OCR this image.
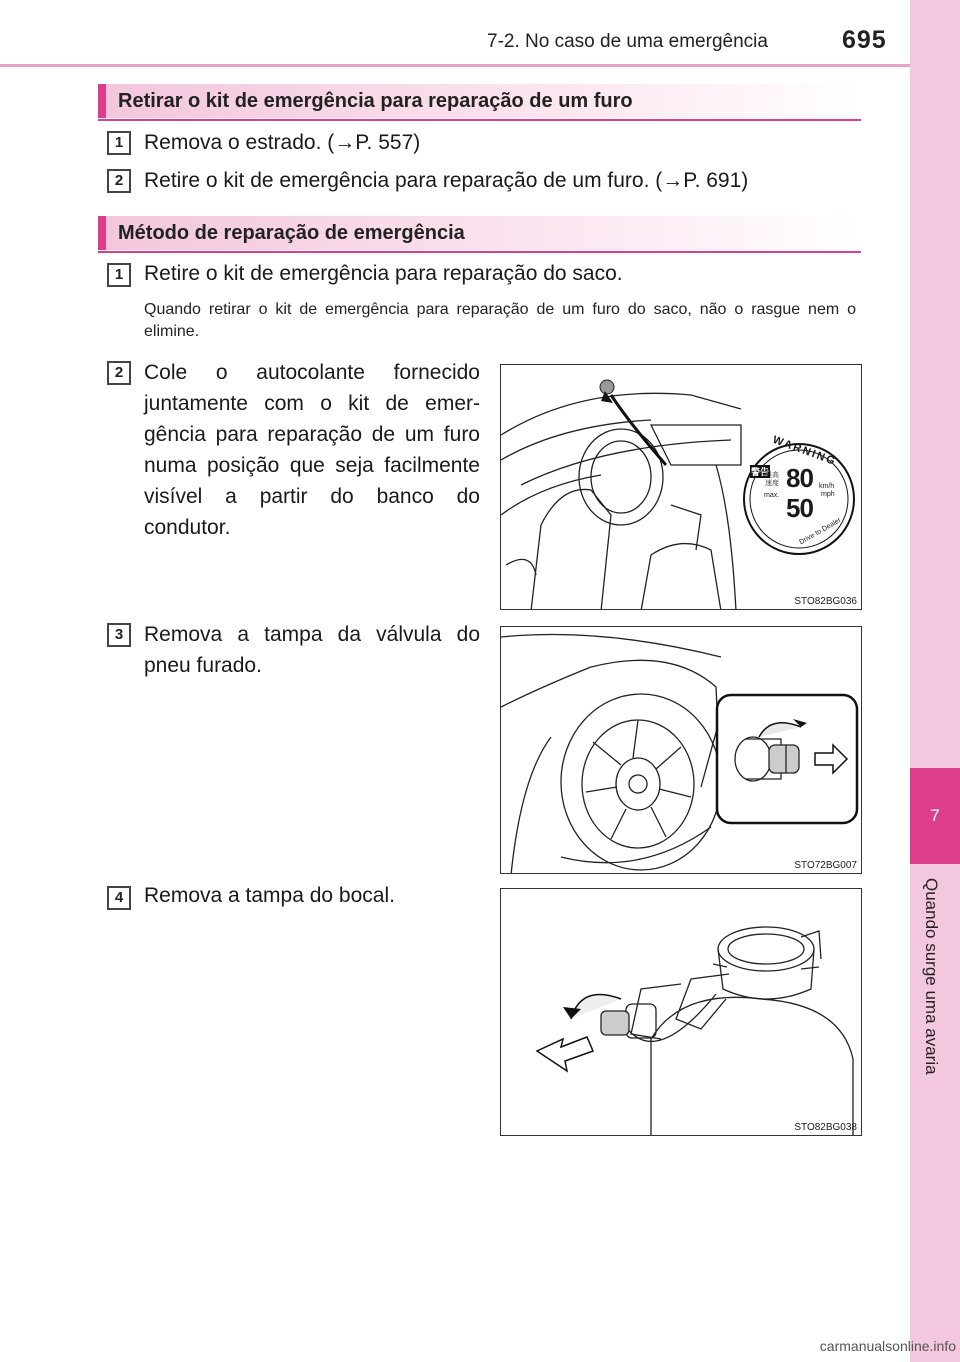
7-2. No caso de uma emergência	695
7
Quando surge uma avaria
Retirar o kit de emergência para reparação de um furo
1 Remova o estrado. (→P. 557)
2 Retire o kit de emergência para reparação de um furo. (→P. 691)
Método de reparação de emergência
1 Retire o kit de emergência para reparação do saco.
Quando retirar o kit de emergência para reparação de um furo do saco, não o rasgue nem o elimine.
2 Cole o autocolante fornecido juntamente com o kit de emer-gência para reparação de um furo numa posição que seja facilmente visível a partir do banco do condutor.
WARNING
警告
最高速度
max.
80
50
km/h
mph
Drive to Dealer
STO82BG036
3 Remova a tampa da válvula do pneu furado.
STO72BG007
4 Remova a tampa do bocal.
STO82BG038
carmanualsonline.info
